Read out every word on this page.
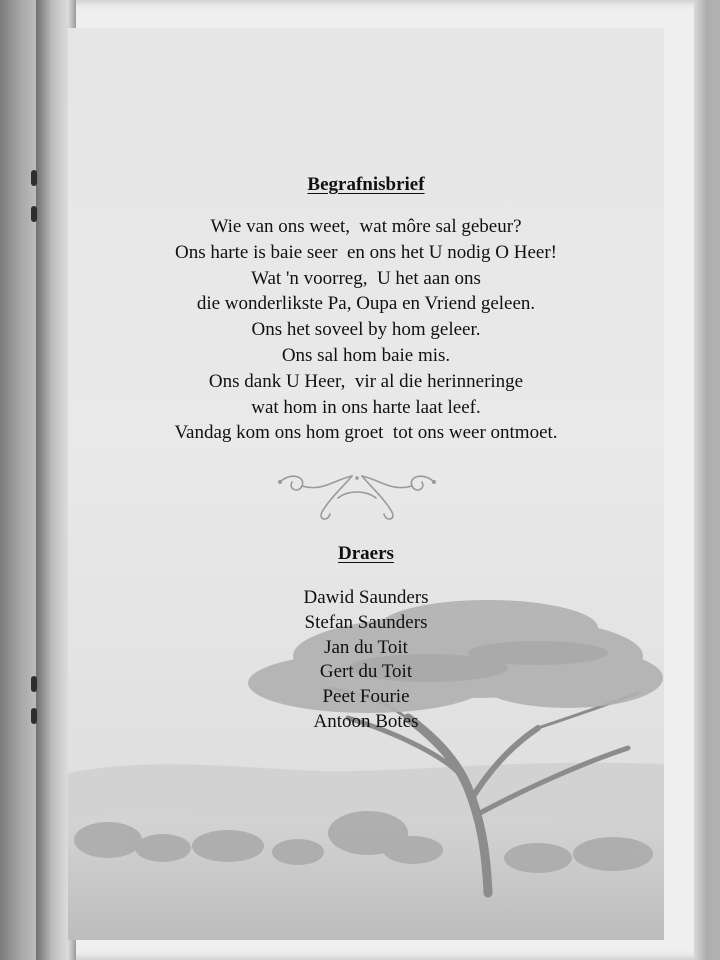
Begrafnisbrief
Wie van ons weet,  wat môre sal gebeur?
Ons harte is baie seer  en ons het U nodig O Heer!
Wat 'n voorreg,  U het aan ons
die wonderlikste Pa, Oupa en Vriend geleen.
Ons het soveel by hom geleer.
Ons sal hom baie mis.
Ons dank U Heer,  vir al die herinneringe
wat hom in ons harte laat leef.
Vandag kom ons hom groet  tot ons weer ontmoet.
Draers
Dawid Saunders
Stefan Saunders
Jan du Toit
Gert du Toit
Peet Fourie
Antoon Botes
